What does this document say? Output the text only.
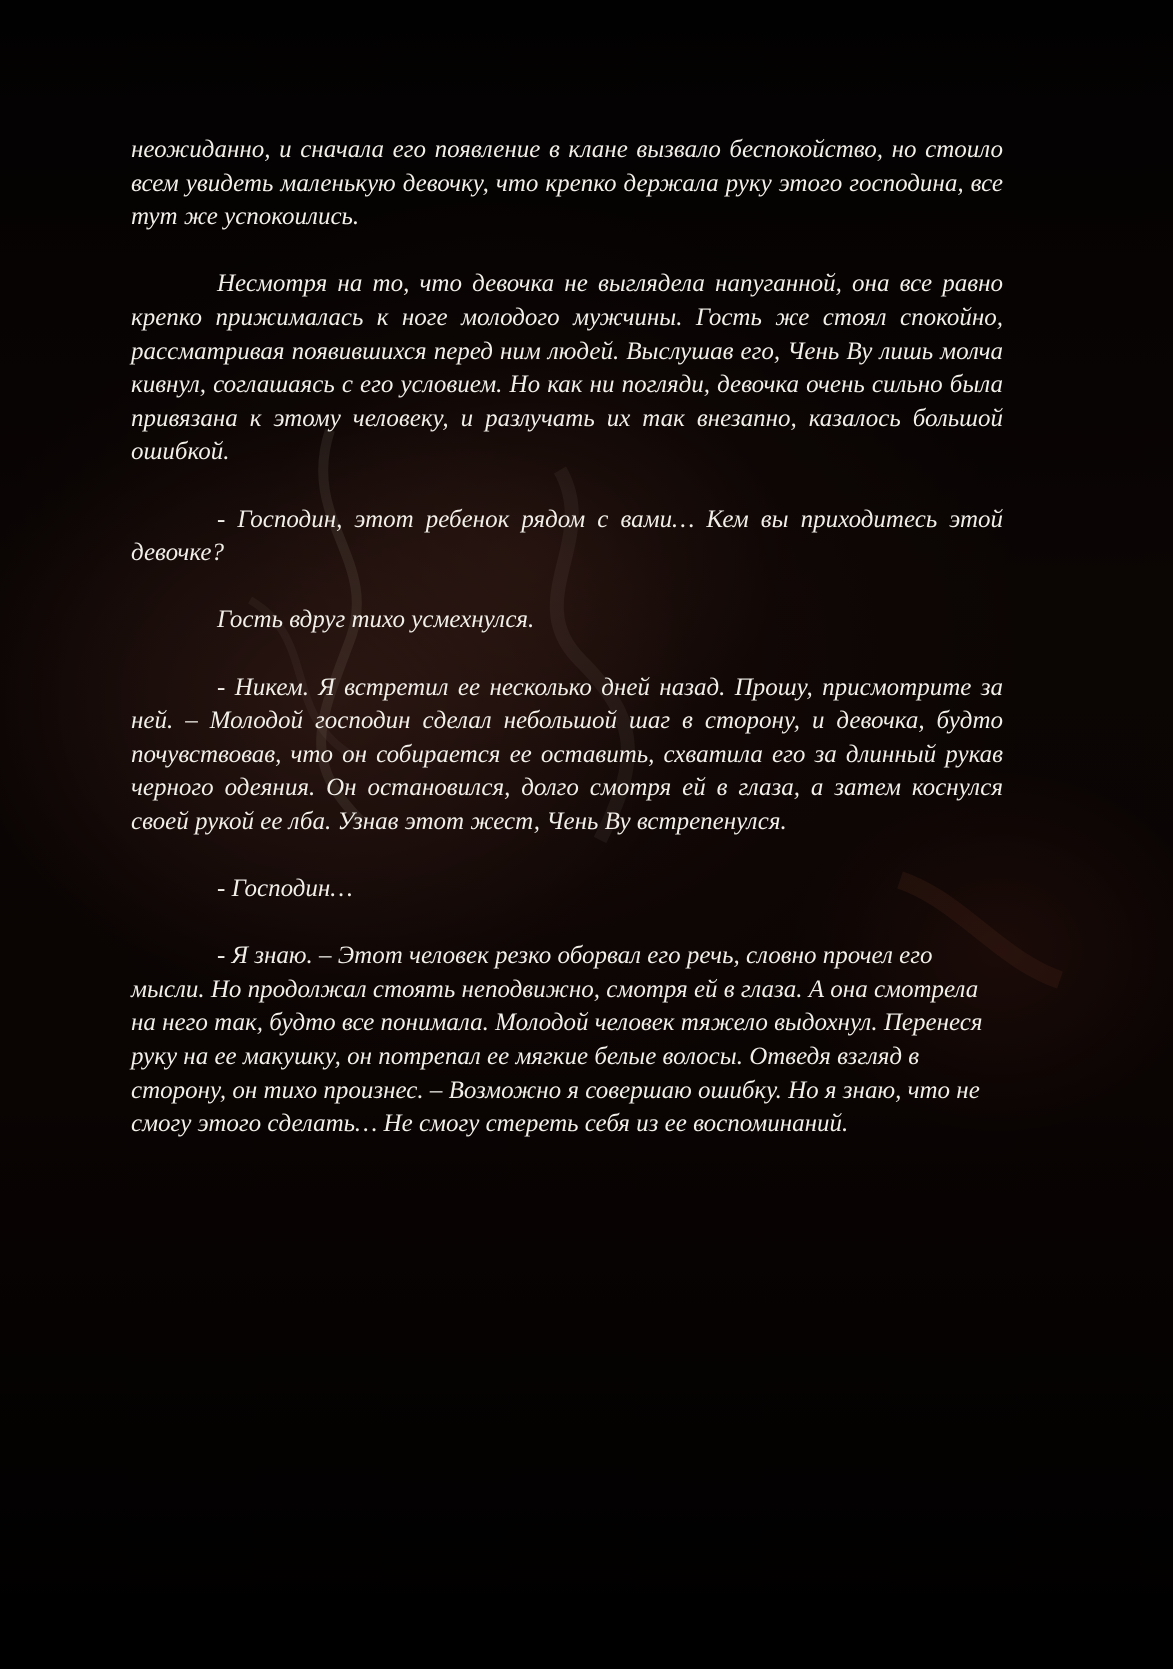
неожиданно, и сначала его появление в клане вызвало беспокойство, но стоило всем увидеть маленькую девочку, что крепко держала руку этого господина, все тут же успокоились.

Несмотря на то, что девочка не выглядела напуганной, она все равно крепко прижималась к ноге молодого мужчины. Гость же стоял спокойно, рассматривая появившихся перед ним людей. Выслушав его, Чень Ву лишь молча кивнул, соглашаясь с его условием. Но как ни погляди, девочка очень сильно была привязана к этому человеку, и разлучать их так внезапно, казалось большой ошибкой.

- Господин, этот ребенок рядом с вами… Кем вы приходитесь этой девочке?

Гость вдруг тихо усмехнулся.

- Никем. Я встретил ее несколько дней назад. Прошу, присмотрите за ней. – Молодой господин сделал небольшой шаг в сторону, и девочка, будто почувствовав, что он собирается ее оставить, схватила его за длинный рукав черного одеяния. Он остановился, долго смотря ей в глаза, а затем коснулся своей рукой ее лба. Узнав этот жест, Чень Ву встрепенулся.

- Господин…

- Я знаю. – Этот человек резко оборвал его речь, словно прочел его мысли. Но продолжал стоять неподвижно, смотря ей в глаза. А она смотрела на него так, будто все понимала. Молодой человек тяжело выдохнул. Перенеся руку на ее макушку, он потрепал ее мягкие белые волосы. Отведя взгляд в сторону, он тихо произнес. – Возможно я совершаю ошибку. Но я знаю, что не смогу этого сделать… Не смогу стереть себя из ее воспоминаний.
